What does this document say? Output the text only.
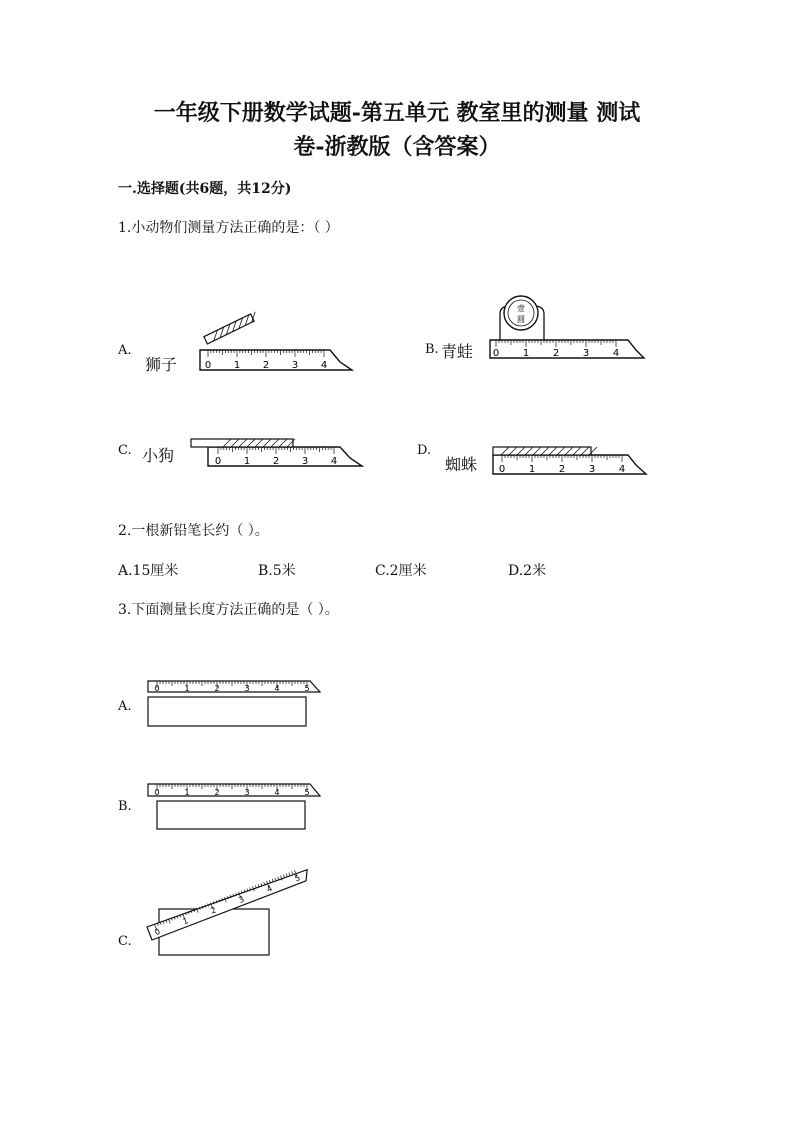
一年级下册数学试题-第五单元 教室里的测量 测试
卷-浙教版（含答案）
一.选择题(共6题，共12分)
1.小动物们测量方法正确的是：（ ）
A.
狮子
B. 青蛙
C. 小狗	D.
蜘蛛
0 1 2 3 4
0 1 2 3 4
壹
圆
0 1 2 3 4
0 1 2 3 4
0	1	2	3	4	5
0	1	2	3	4	5
0
1
2
3
4
5
2.一根新铅笔长约（ ）。
A.15厘米	B.5米	C.2厘米	D.2米
3.下面测量长度方法正确的是（ ）。
A.
B.
C.
